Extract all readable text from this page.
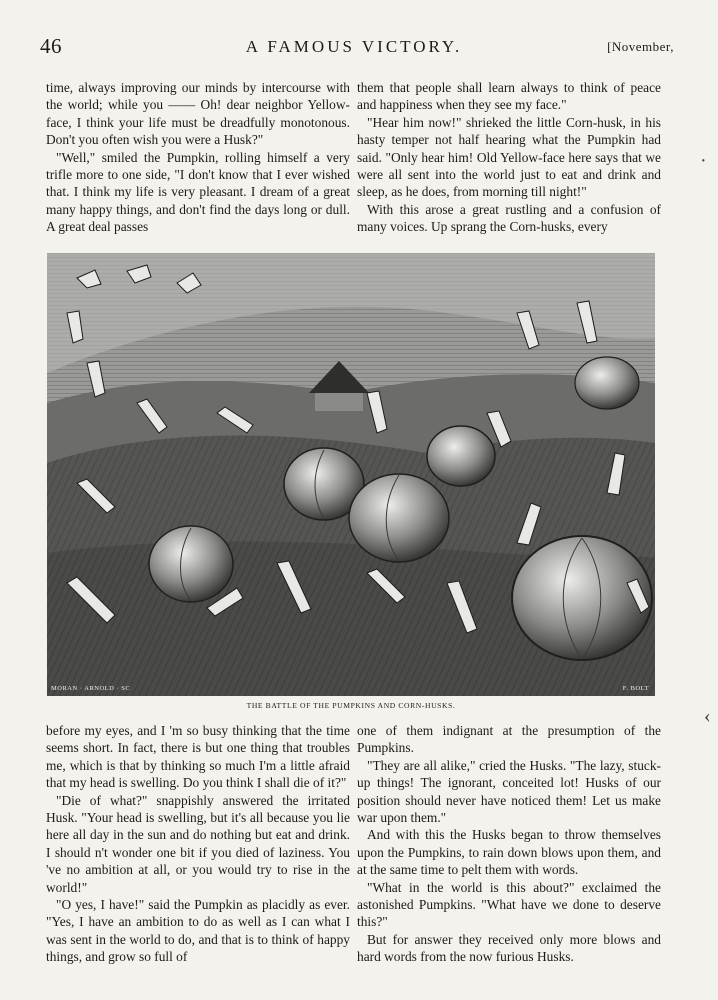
46	A FAMOUS VICTORY.	[November,

time, always improving our minds by intercourse with the world; while you —— Oh! dear neighbor Yellow-face, I think your life must be dreadfully monotonous. Don't you often wish you were a Husk?"

"Well," smiled the Pumpkin, rolling himself a very trifle more to one side, "I don't know that I ever wished that. I think my life is very pleasant. I dream of a great many happy things, and don't find the days long or dull. A great deal passes

them that people shall learn always to think of peace and happiness when they see my face."

"Hear him now!" shrieked the little Corn-husk, in his hasty temper not half hearing what the Pumpkin had said. "Only hear him! Old Yellow-face here says that we were all sent into the world just to eat and drink and sleep, as he does, from morning till night!"

With this arose a great rustling and a confusion of many voices. Up sprang the Corn-husks, every

MORAN · ARNOLD · SC	F. BOLT
THE BATTLE OF THE PUMPKINS AND CORN-HUSKS.

before my eyes, and I 'm so busy thinking that the time seems short. In fact, there is but one thing that troubles me, which is that by thinking so much I'm a little afraid that my head is swelling. Do you think I shall die of it?"

"Die of what?" snappishly answered the irritated Husk. "Your head is swelling, but it's all because you lie here all day in the sun and do nothing but eat and drink. I should n't wonder one bit if you died of laziness. You 've no ambition at all, or you would try to rise in the world!"

"O yes, I have!" said the Pumpkin as placidly as ever. "Yes, I have an ambition to do as well as I can what I was sent in the world to do, and that is to think of happy things, and grow so full of

one of them indignant at the presumption of the Pumpkins.

"They are all alike," cried the Husks. "The lazy, stuck-up things! The ignorant, conceited lot! Husks of our position should never have noticed them! Let us make war upon them."

And with this the Husks began to throw themselves upon the Pumpkins, to rain down blows upon them, and at the same time to pelt them with words.

"What in the world is this about?" exclaimed the astonished Pumpkins. "What have we done to deserve this?"

But for answer they received only more blows and hard words from the now furious Husks.

·
‹
